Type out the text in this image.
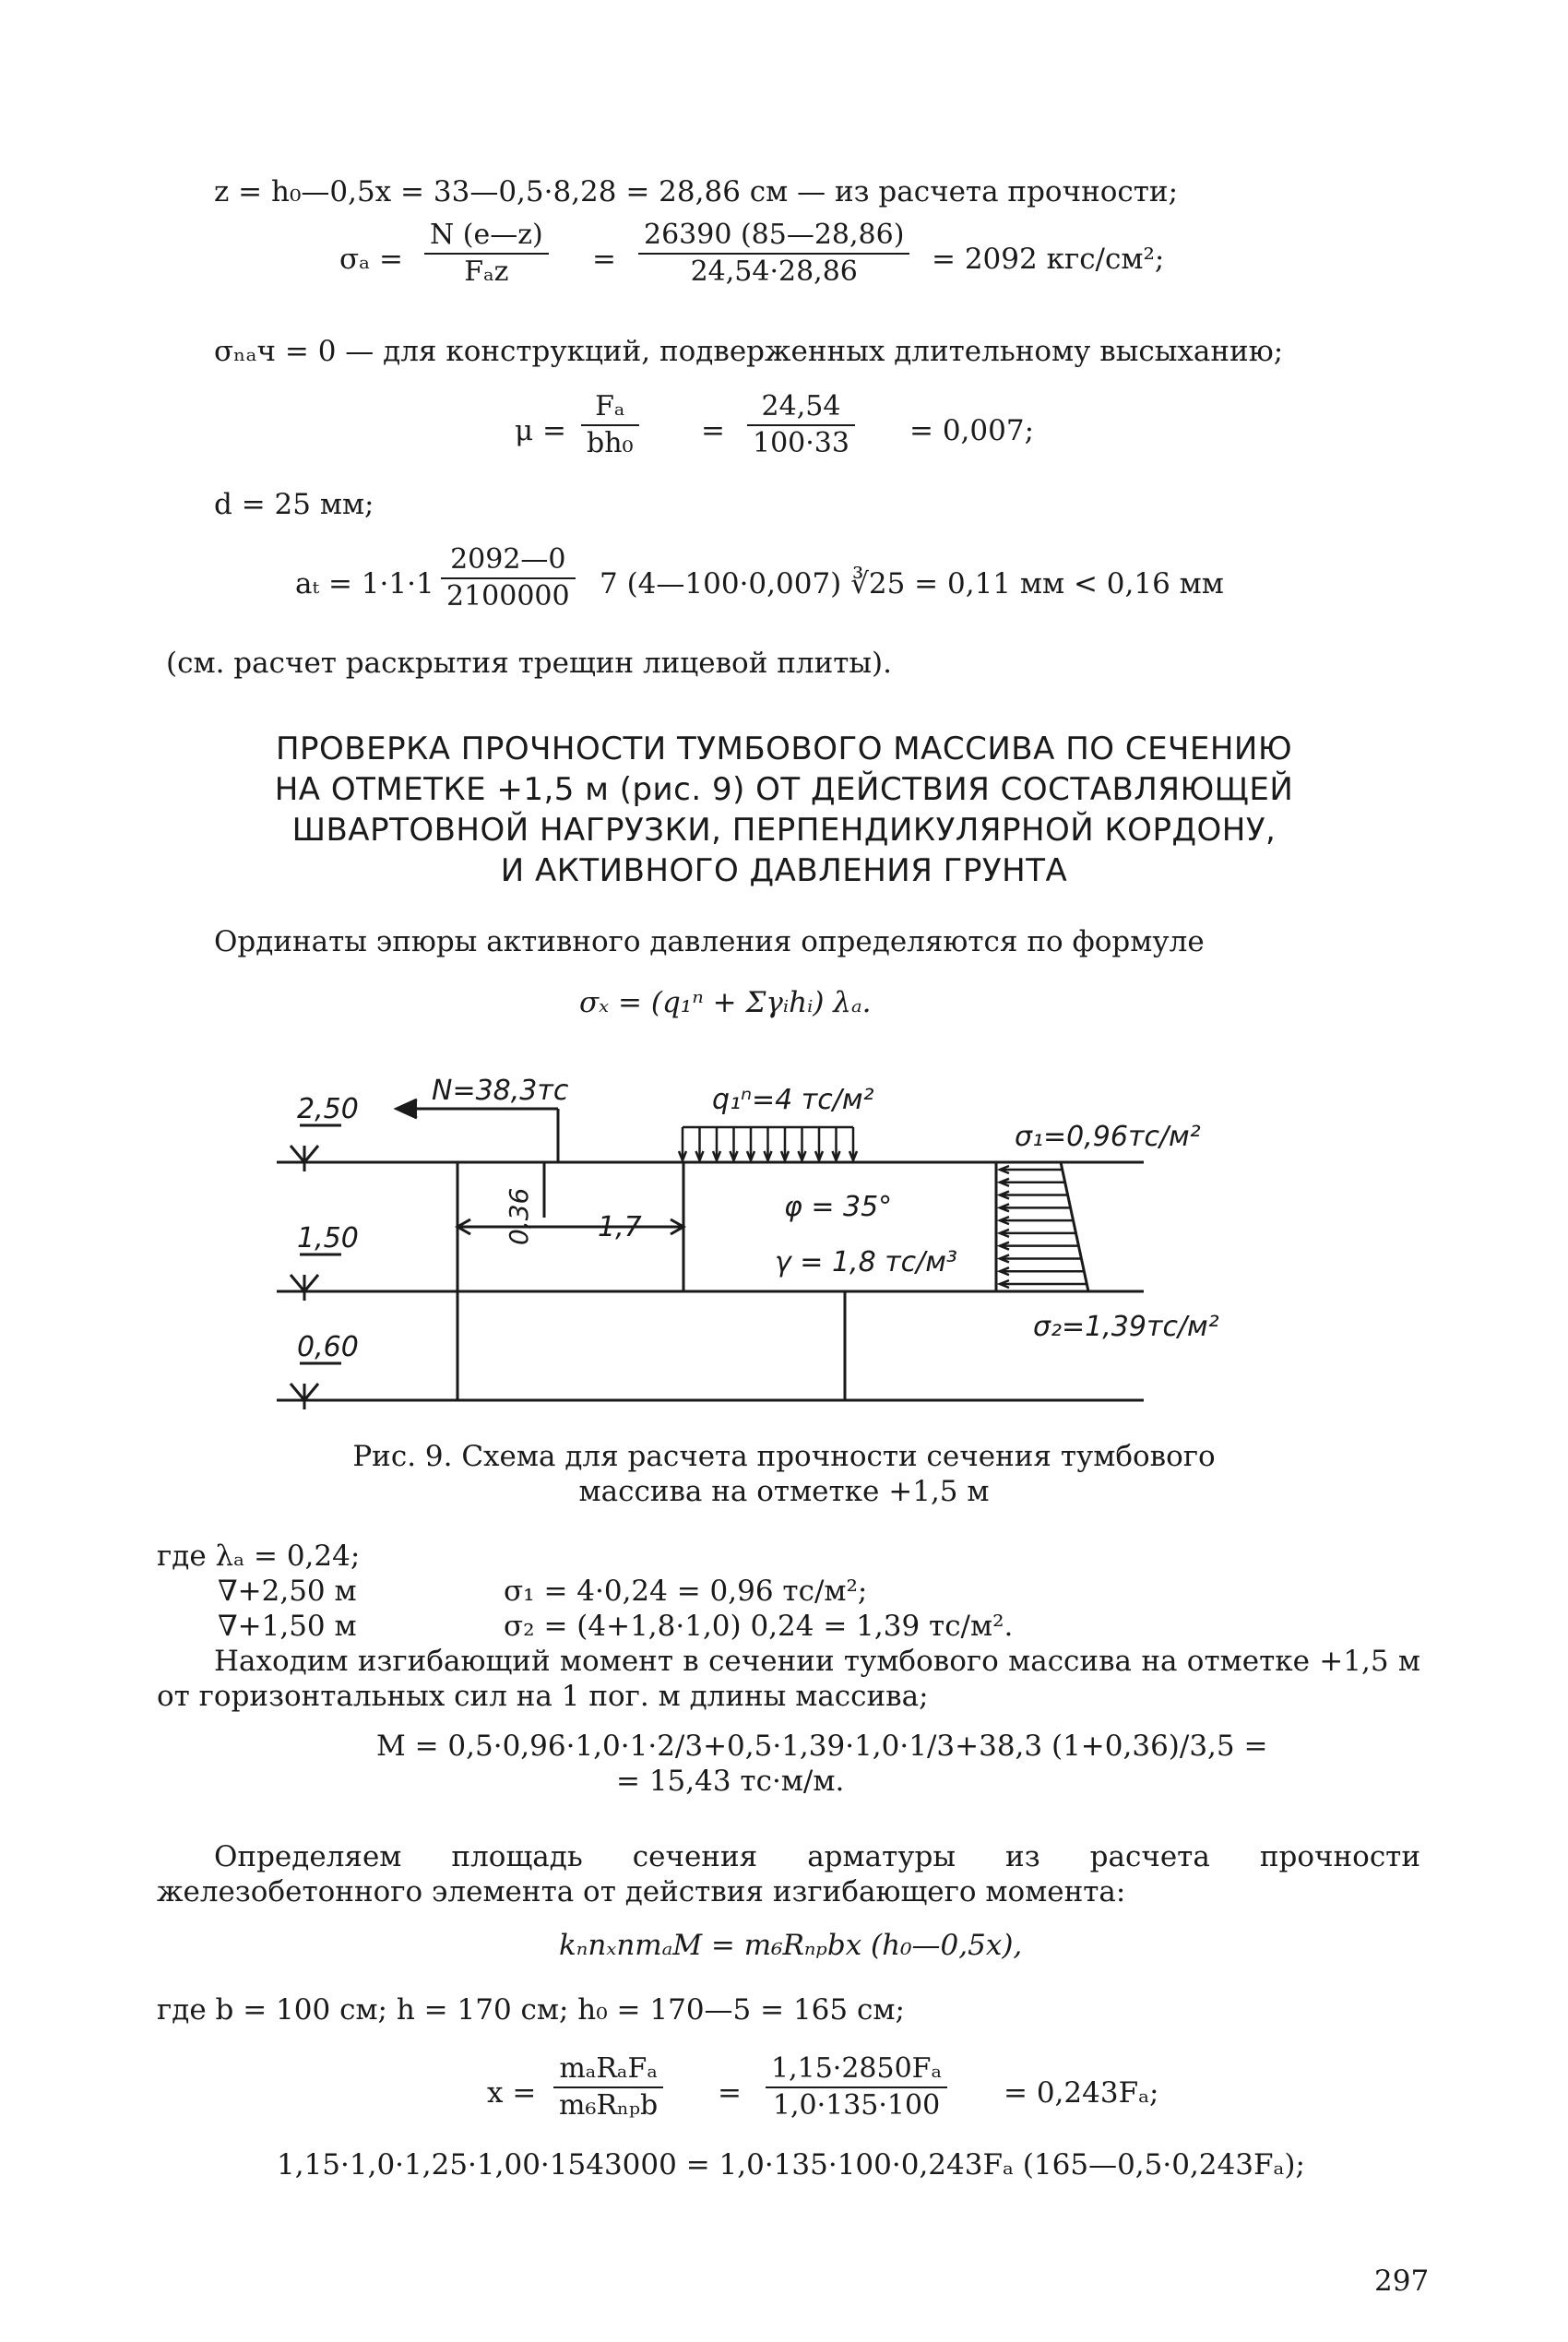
z = h₀—0,5x = 33—0,5·8,28 = 28,86 см — из расчета прочности;
σₐ =
N (e—z)
Fₐz	= $\frac{26390 (85—28,86)}{24,54\cdot 28,86} = 2092$ кгс/см²;
σₙₐч = 0 — для конструкций, подверженных длительному высыханию;
$\mu = \frac{\text{Fₐ}}{\text{bh₀}} = \frac{24,54}{100\cdot 33} = 0,007$;
d = 25 мм;
$a_t = 1\cdot 1\cdot 1 \frac{2092—0}{2100000} 7$ (4—100·0,007) ∛25 = 0,11 мм < 0,16 мм
(см. расчет раскрытия трещин лицевой плиты).
ПРОВЕРКА ПРОЧНОСТИ ТУМБОВОГО МАССИВА ПО СЕЧЕНИЮ
НА ОТМЕТКЕ +1,5 м (рис. 9) ОТ ДЕЙСТВИЯ СОСТАВЛЯЮЩЕЙ
ШВАРТОВНОЙ НАГРУЗКИ, ПЕРПЕНДИКУЛЯРНОЙ КОРДОНУ,
И АКТИВНОГО ДАВЛЕНИЯ ГРУНТА
Ординаты эпюры активного давления определяются по формуле
σₓ = (q₁ⁿ + Σγᵢhᵢ) λₐ.
2,50
1,50
0,60
N=38,3тс	q₁ⁿ=4 тс/м²
σ₁=0,96тс/м²
σ₂=1,39тс/м²
φ = 35°
γ = 1,8 тс/м³
0,36 1,7
Рис. 9. Схема для расчета прочности сечения тумбового
массива на отметке +1,5 м
где λₐ = 0,24;
∇+2,50 м	σ₁ = 4·0,24 = 0,96 тс/м²;
∇+1,50 м	σ₂ = (4+1,8·1,0) 0,24 = 1,39 тс/м².
Находим изгибающий момент в сечении тумбового массива на отметке +1,5 м от горизонтальных сил на 1 пог. м длины массива;
M = 0,5·0,96·1,0·1·2/3+0,5·1,39·1,0·1/3+38,3 (1+0,36)/3,5 =
= 15,43 тс·м/м.
Определяем площадь сечения арматуры из расчета прочности железобетонного элемента от действия изгибающего момента:
kₙnₓnmₐM = m₆Rₙₚbx (h₀—0,5x),
где b = 100 см; h = 170 см; h₀ = 170—5 = 165 см;
x =
mₐRₐFₐ
$m_6R_{np}b = \frac{\text{1,15·2850Fₐ}}{1,0\cdot 135\cdot 100} = 0,243F_a$;
1,15·1,0·1,25·1,00·1543000 = 1,0·135·100·0,243Fₐ (165—0,5·0,243Fₐ);
297
